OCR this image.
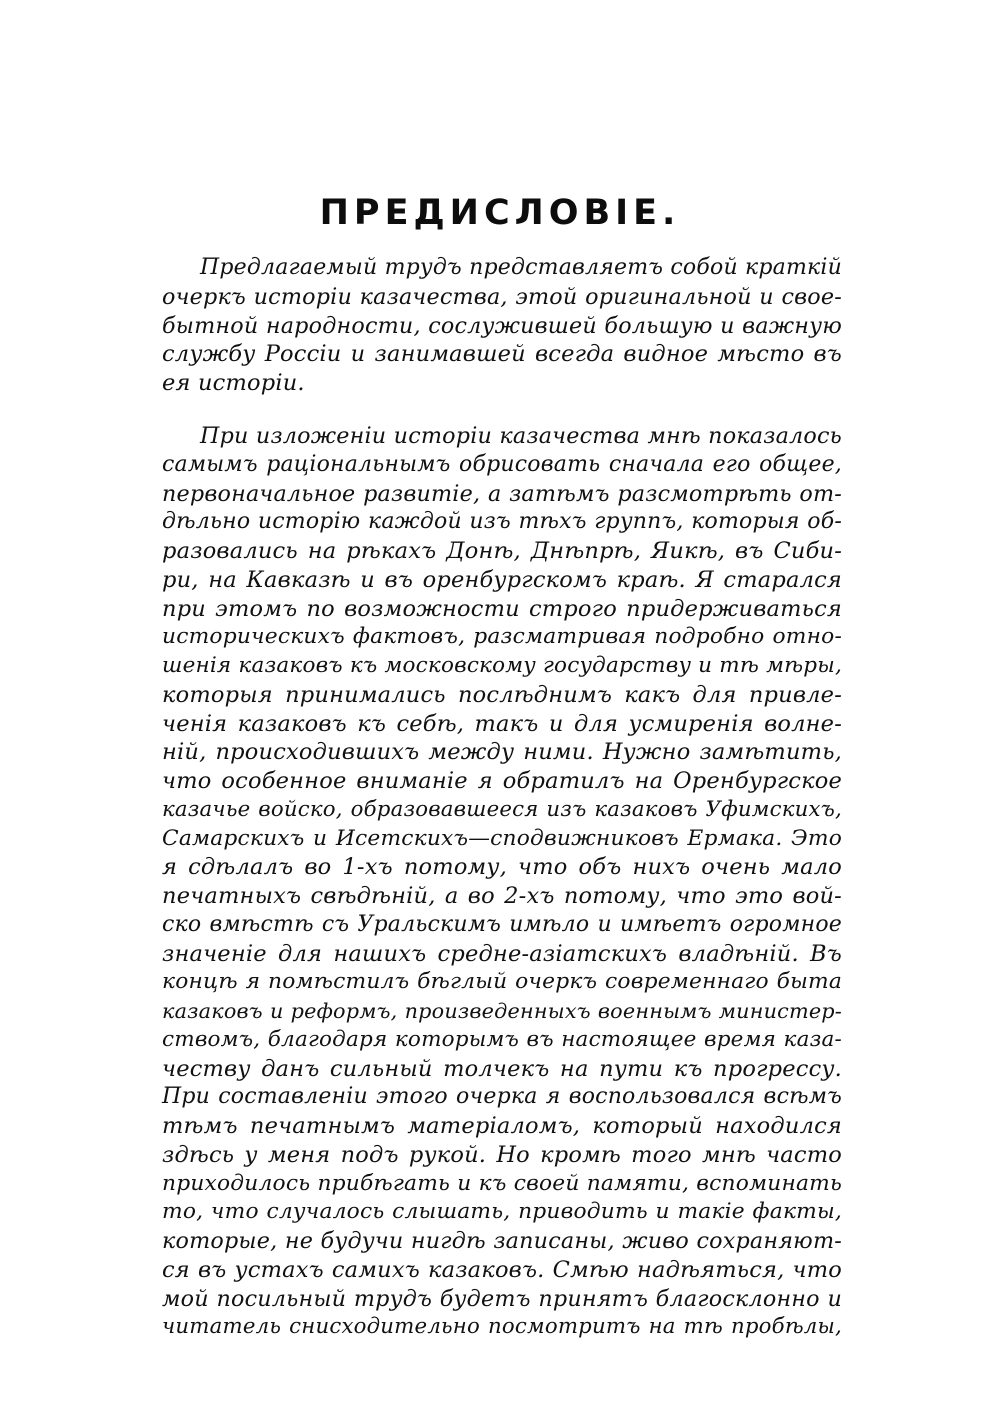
ПРЕДИСЛОВІЕ.
Предлагаемый трудъ представляетъ собой краткій
очеркъ исторіи казачества, этой оригинальной и свое-
бытной народности, сослужившей большую и важную
службу Россіи и занимавшей всегда видное мѣсто въ
ея исторіи.
При изложеніи исторіи казачества мнѣ показалось
самымъ раціональнымъ обрисовать сначала его общее,
первоначальное развитіе, а затѣмъ разсмотрѣть от-
дѣльно исторію каждой изъ тѣхъ группъ, которыя об-
разовались на рѣкахъ Донѣ, Днѣпрѣ, Яикѣ, въ Сиби-
ри, на Кавказѣ и въ оренбургскомъ краѣ. Я старался
при этомъ по возможности строго придерживаться
историческихъ фактовъ, разсматривая подробно отно-
шенія казаковъ къ московскому государству и тѣ мѣры,
которыя принимались послѣднимъ какъ для привле-
ченія казаковъ къ себѣ, такъ и для усмиренія волне-
ній, происходившихъ между ними. Нужно замѣтить,
что особенное вниманіе я обратилъ на Оренбургское
казачье войско, образовавшееся изъ казаковъ Уфимскихъ,
Самарскихъ и Исетскихъ—сподвижниковъ Ермака. Это
я сдѣлалъ во 1-хъ потому, что объ нихъ очень мало
печатныхъ свѣдѣній, а во 2-хъ потому, что это вой-
ско вмѣстѣ съ Уральскимъ имѣло и имѣетъ огромное
значеніе для нашихъ средне-азіатскихъ владѣній. Въ
концѣ я помѣстилъ бѣглый очеркъ современнаго быта
казаковъ и реформъ, произведенныхъ военнымъ министер-
ствомъ, благодаря которымъ въ настоящее время каза-
честву данъ сильный толчекъ на пути къ прогрессу.
При составленіи этого очерка я воспользовался всѣмъ
тѣмъ печатнымъ матеріаломъ, который находился
здѣсь у меня подъ рукой. Но кромѣ того мнѣ часто
приходилось прибѣгать и къ своей памяти, вспоминать
то, что случалось слышать, приводить и такіе факты,
которые, не будучи нигдѣ записаны, живо сохраняют-
ся въ устахъ самихъ казаковъ. Смѣю надѣяться, что
мой посильный трудъ будетъ принятъ благосклонно и
читатель снисходительно посмотритъ на тѣ пробѣлы,
